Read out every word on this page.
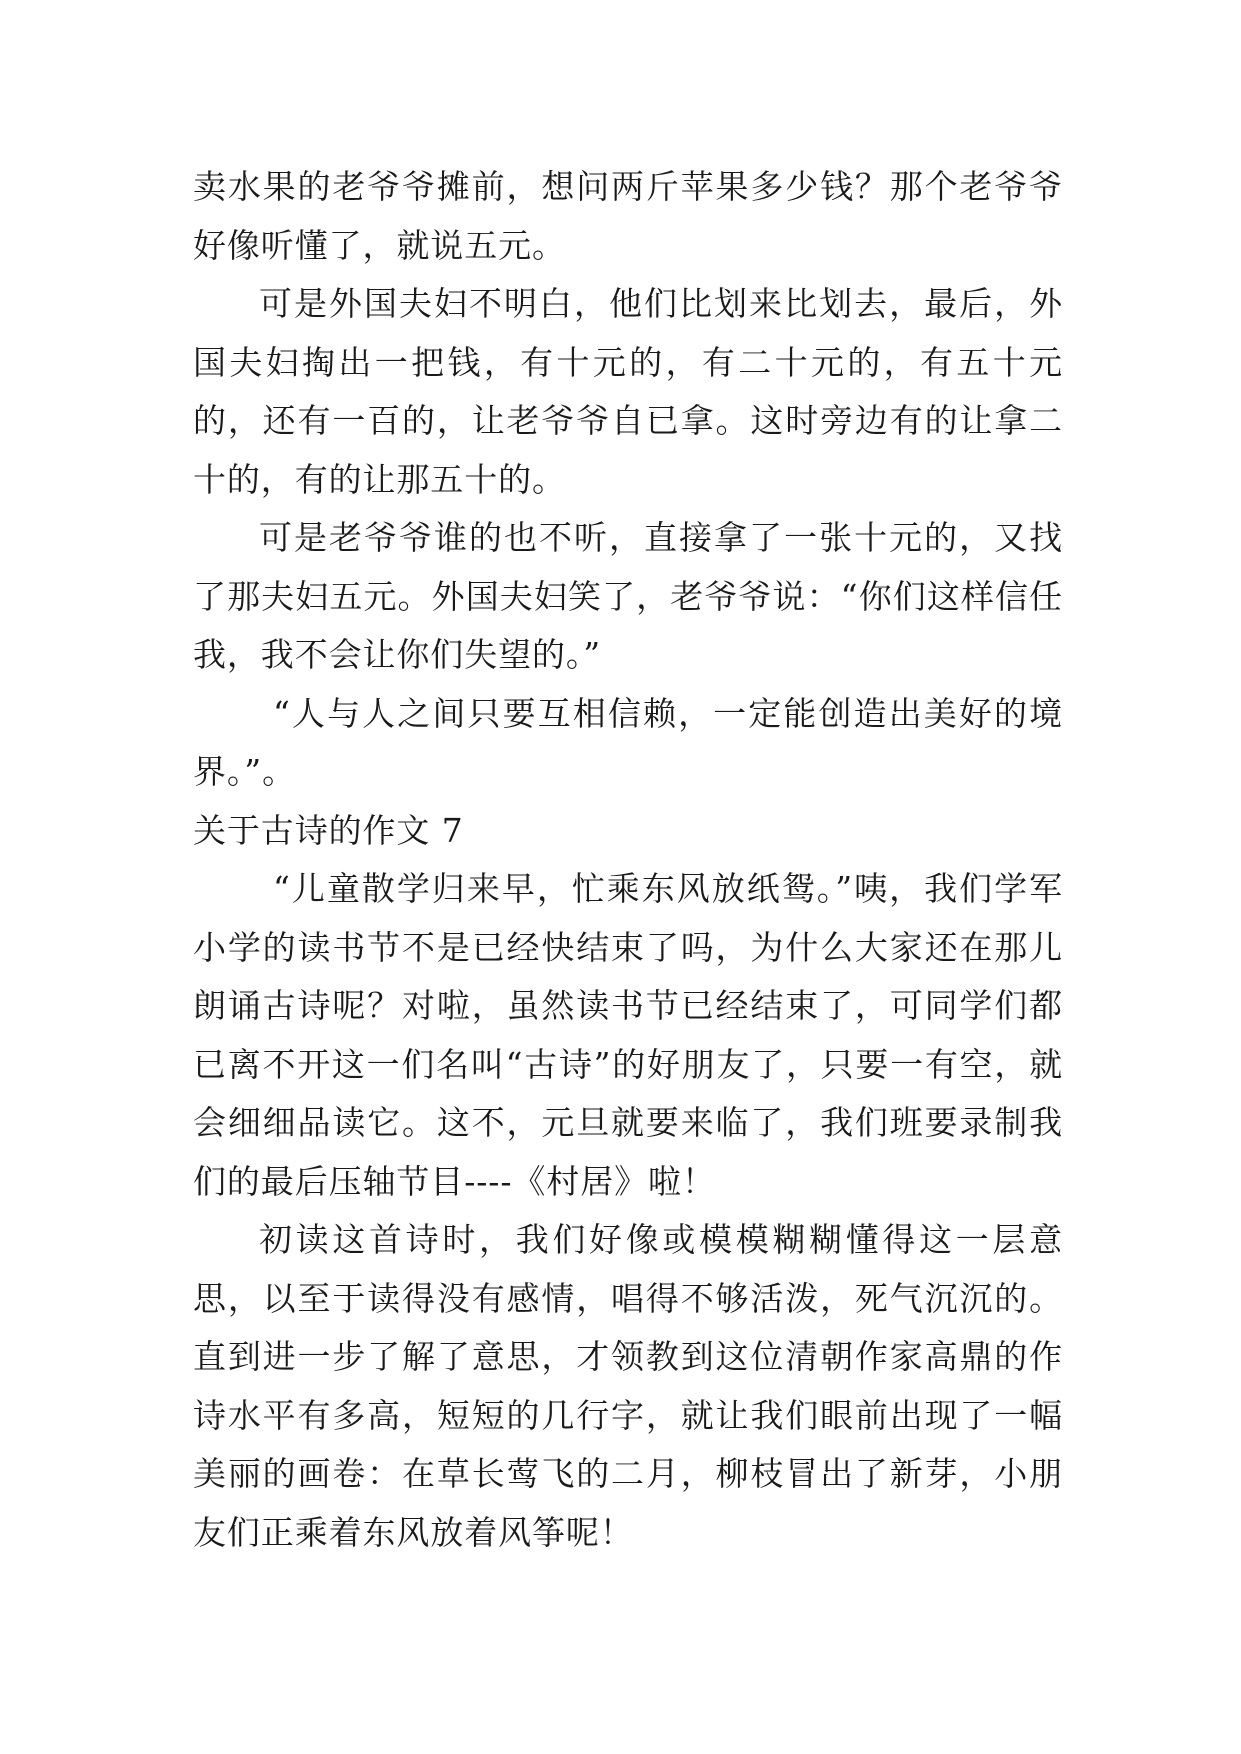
卖水果的老爷爷摊前，想问两斤苹果多少钱？那个老爷爷好像听懂了，就说五元。

可是外国夫妇不明白，他们比划来比划去，最后，外国夫妇掏出一把钱，有十元的，有二十元的，有五十元的，还有一百的，让老爷爷自已拿。这时旁边有的让拿二十的，有的让那五十的。

可是老爷爷谁的也不听，直接拿了一张十元的，又找了那夫妇五元。外国夫妇笑了，老爷爷说：“你们这样信任我，我不会让你们失望的。”

“人与人之间只要互相信赖，一定能创造出美好的境界。”。

关于古诗的作文 7

“儿童散学归来早，忙乘东风放纸鸳。”咦，我们学军小学的读书节不是已经快结束了吗，为什么大家还在那儿朗诵古诗呢？对啦，虽然读书节已经结束了，可同学们都已离不开这一们名叫“古诗”的好朋友了，只要一有空，就会细细品读它。这不，元旦就要来临了，我们班要录制我们的最后压轴节目----《村居》啦！

初读这首诗时，我们好像或模模糊糊懂得这一层意思，以至于读得没有感情，唱得不够活泼，死气沉沉的。直到进一步了解了意思，才领教到这位清朝作家高鼎的作诗水平有多高，短短的几行字，就让我们眼前出现了一幅美丽的画卷：在草长莺飞的二月，柳枝冒出了新芽，小朋友们正乘着东风放着风筝呢！
